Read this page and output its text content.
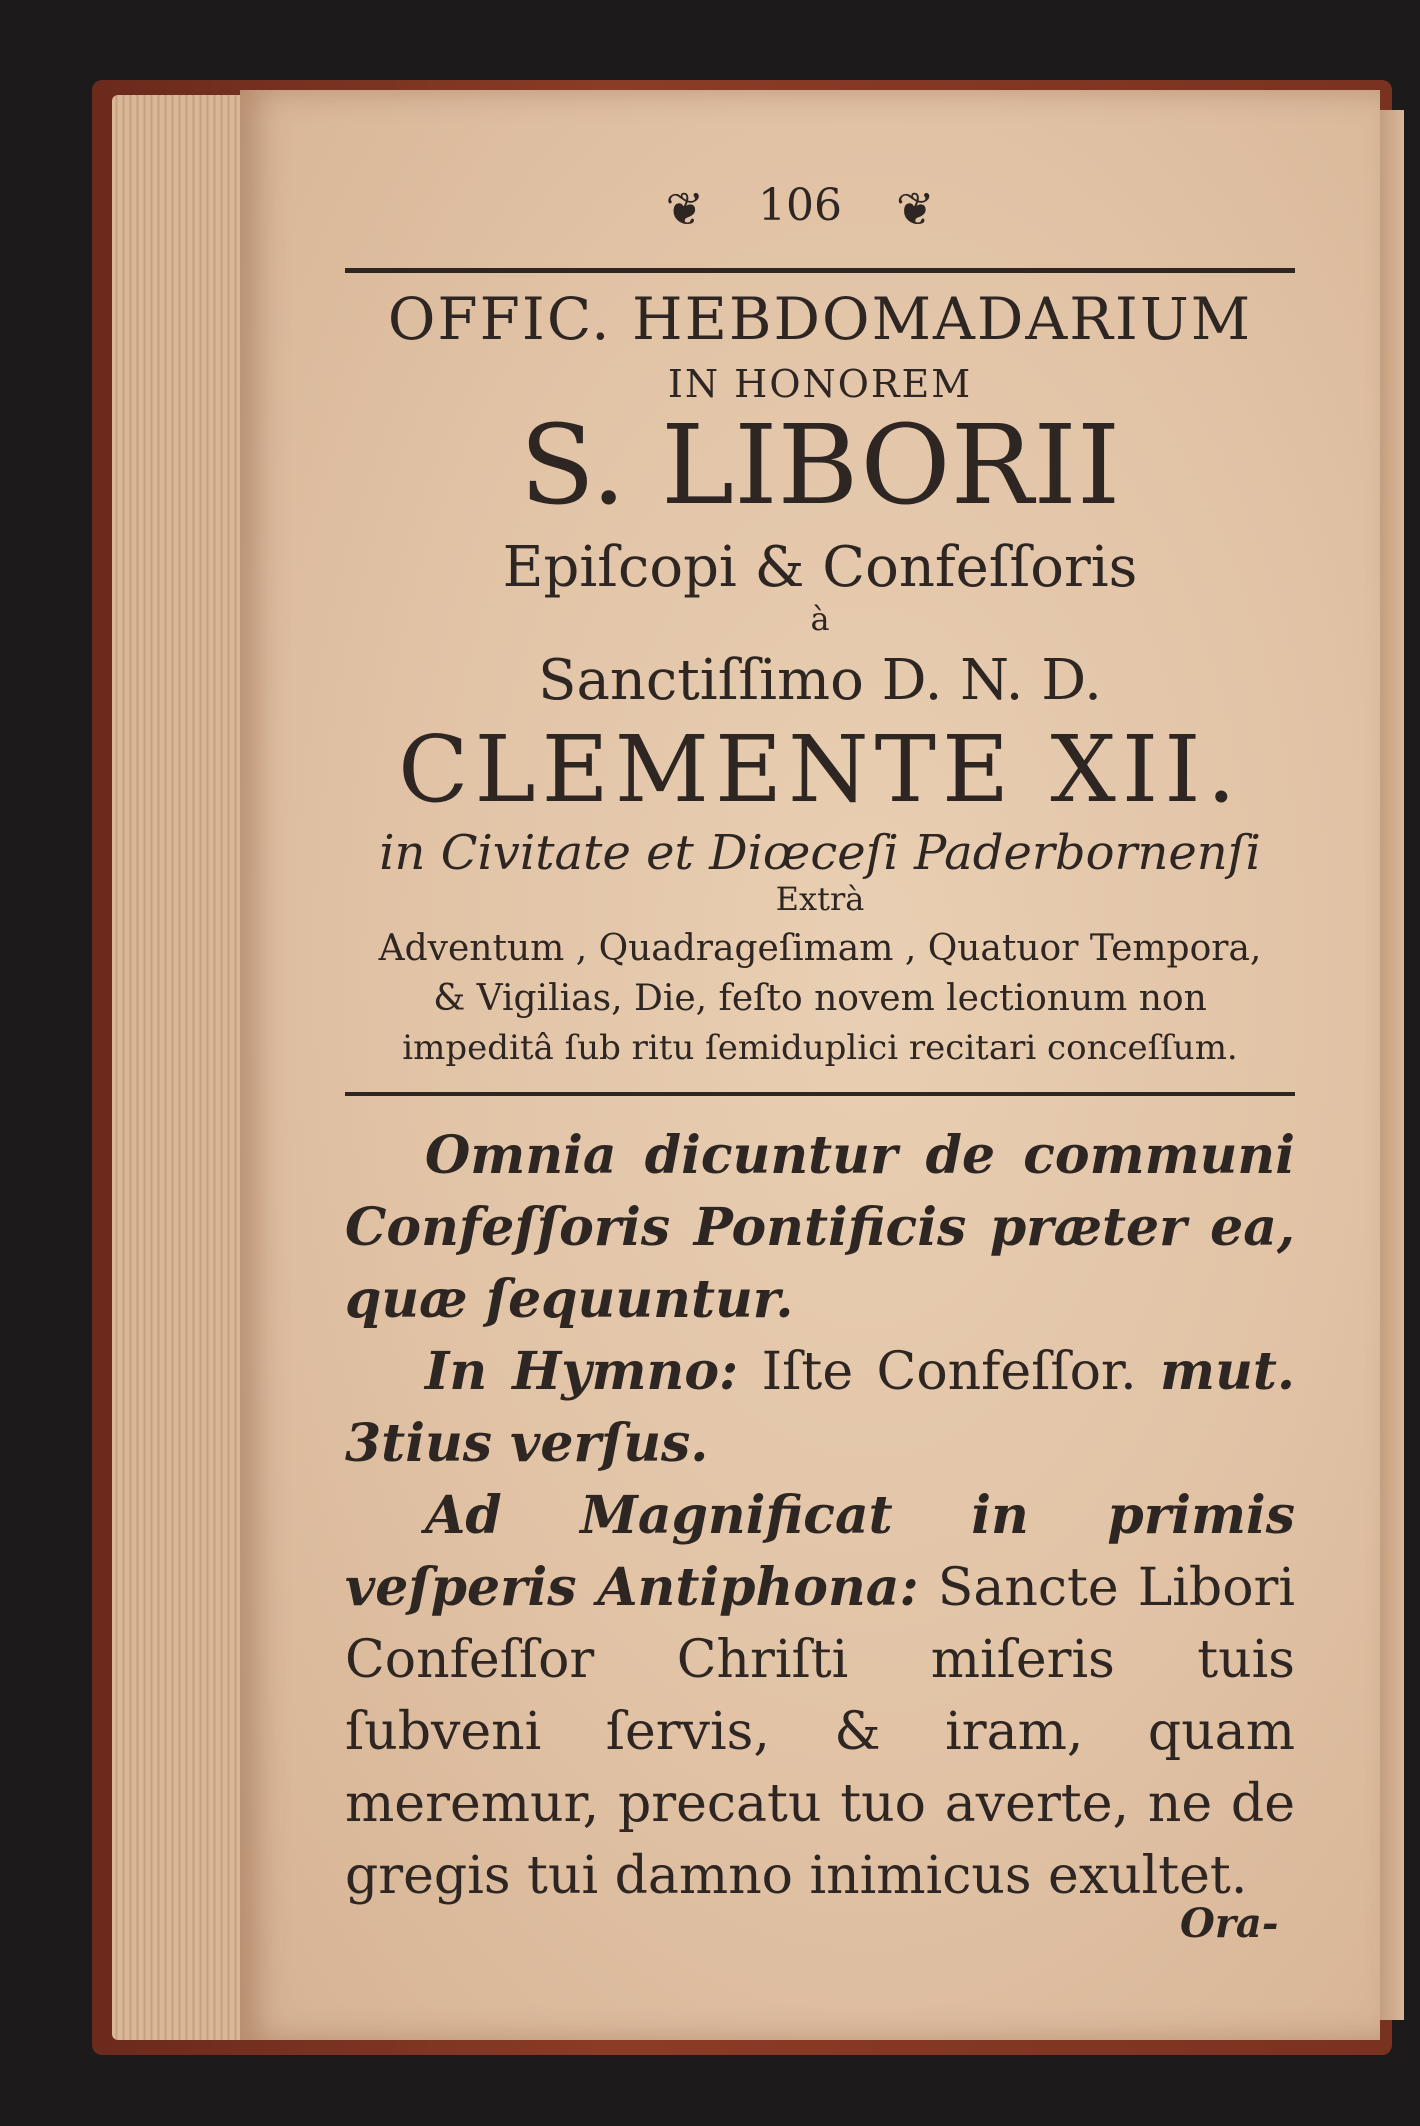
❦ 106 ❦
OFFIC. HEBDOMADARIUM
IN HONOREM
S. LIBORII
Epiſcopi & Confeſſoris
à
Sanctiſſimo D. N. D.
CLEMENTE XII.
in Civitate et Diœceſi Paderbornenſi
Extrà
Adventum , Quadrageſimam , Quatuor Tempora,
& Vigilias, Die, feſto novem lectionum non
impeditâ ſub ritu ſemiduplici recitari conceſſum.

Omnia dicuntur de communi Confeſſoris Pontificis præter ea, quæ ſequuntur.

In Hymno: Iſte Confeſſor. mut. 3tius verſus.

Ad Magnificat in primis veſperis Antiphona: Sancte Libori Confeſſor Chriſti miſeris tuis ſubveni ſervis, & iram, quam meremur, precatu tuo averte, ne de gregis tui damno inimicus exultet.

Ora-
